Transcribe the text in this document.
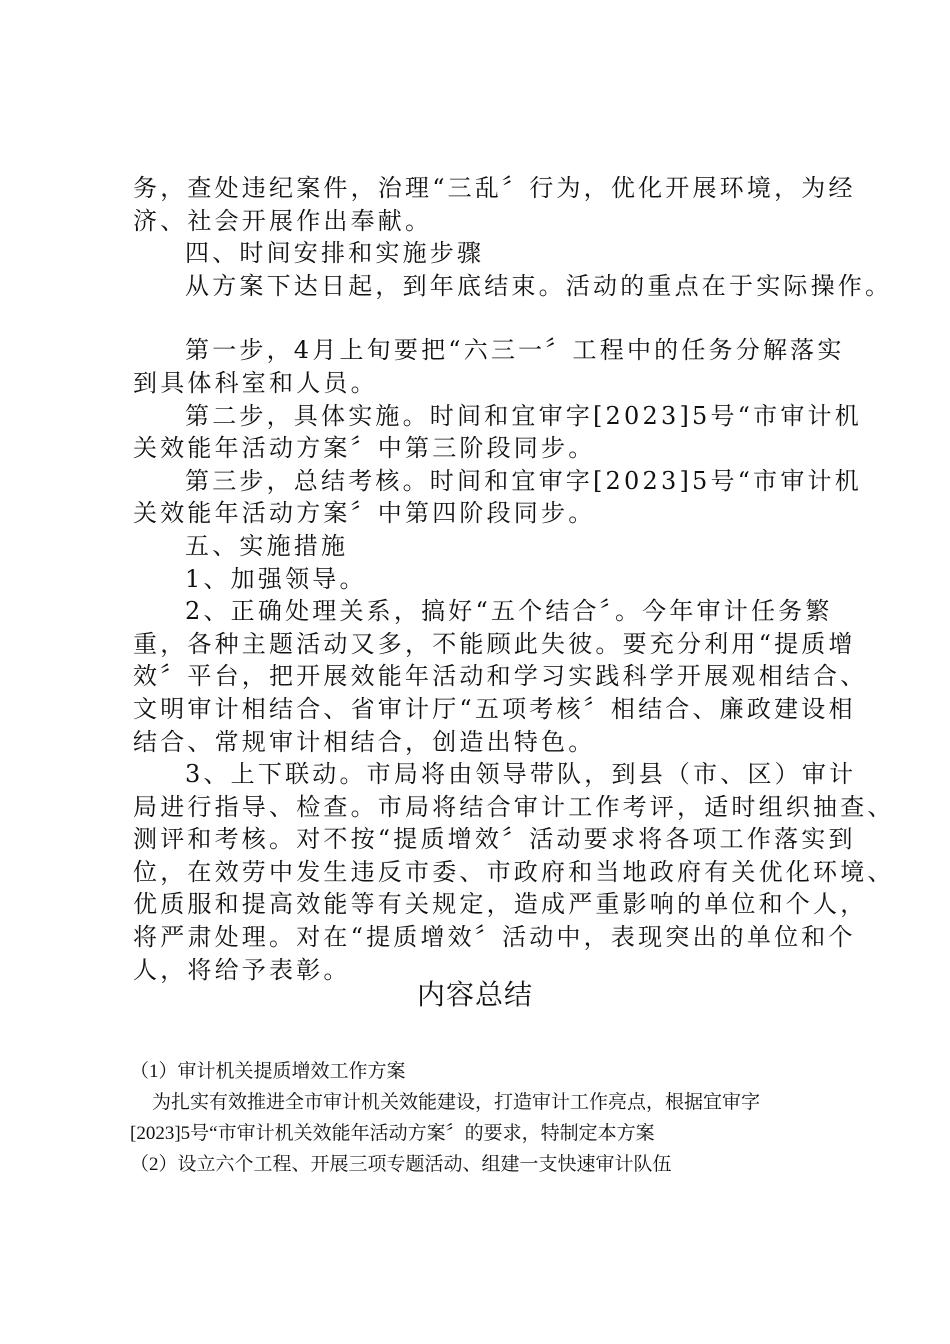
务，查处违纪案件，治理“三乱〞行为，优化开展环境，为经

济、社会开展作出奉献。

四、时间安排和实施步骤

从方案下达日起，到年底结束。活动的重点在于实际操作。

第一步，4月上旬要把“六三一〞工程中的任务分解落实

到具体科室和人员。

第二步，具体实施。时间和宜审字[2023]5号“市审计机

关效能年活动方案〞中第三阶段同步。

第三步，总结考核。时间和宜审字[2023]5号“市审计机

关效能年活动方案〞中第四阶段同步。

五、实施措施

1、加强领导。

2、正确处理关系，搞好“五个结合〞。今年审计任务繁

重，各种主题活动又多，不能顾此失彼。要充分利用“提质增

效〞平台，把开展效能年活动和学习实践科学开展观相结合、

文明审计相结合、省审计厅“五项考核〞相结合、廉政建设相

结合、常规审计相结合，创造出特色。

3、上下联动。市局将由领导带队，到县（市、区）审计

局进行指导、检查。市局将结合审计工作考评，适时组织抽查、

测评和考核。对不按“提质增效〞活动要求将各项工作落实到

位，在效劳中发生违反市委、市政府和当地政府有关优化环境、

优质服和提高效能等有关规定，造成严重影响的单位和个人，

将严肃处理。对在“提质增效〞活动中，表现突出的单位和个

人，将给予表彰。

内容总结

（1）审计机关提质增效工作方案

为扎实有效推进全市审计机关效能建设，打造审计工作亮点，根据宜审字

[2023]5号“市审计机关效能年活动方案〞的要求，特制定本方案

（2）设立六个工程、开展三项专题活动、组建一支快速审计队伍
